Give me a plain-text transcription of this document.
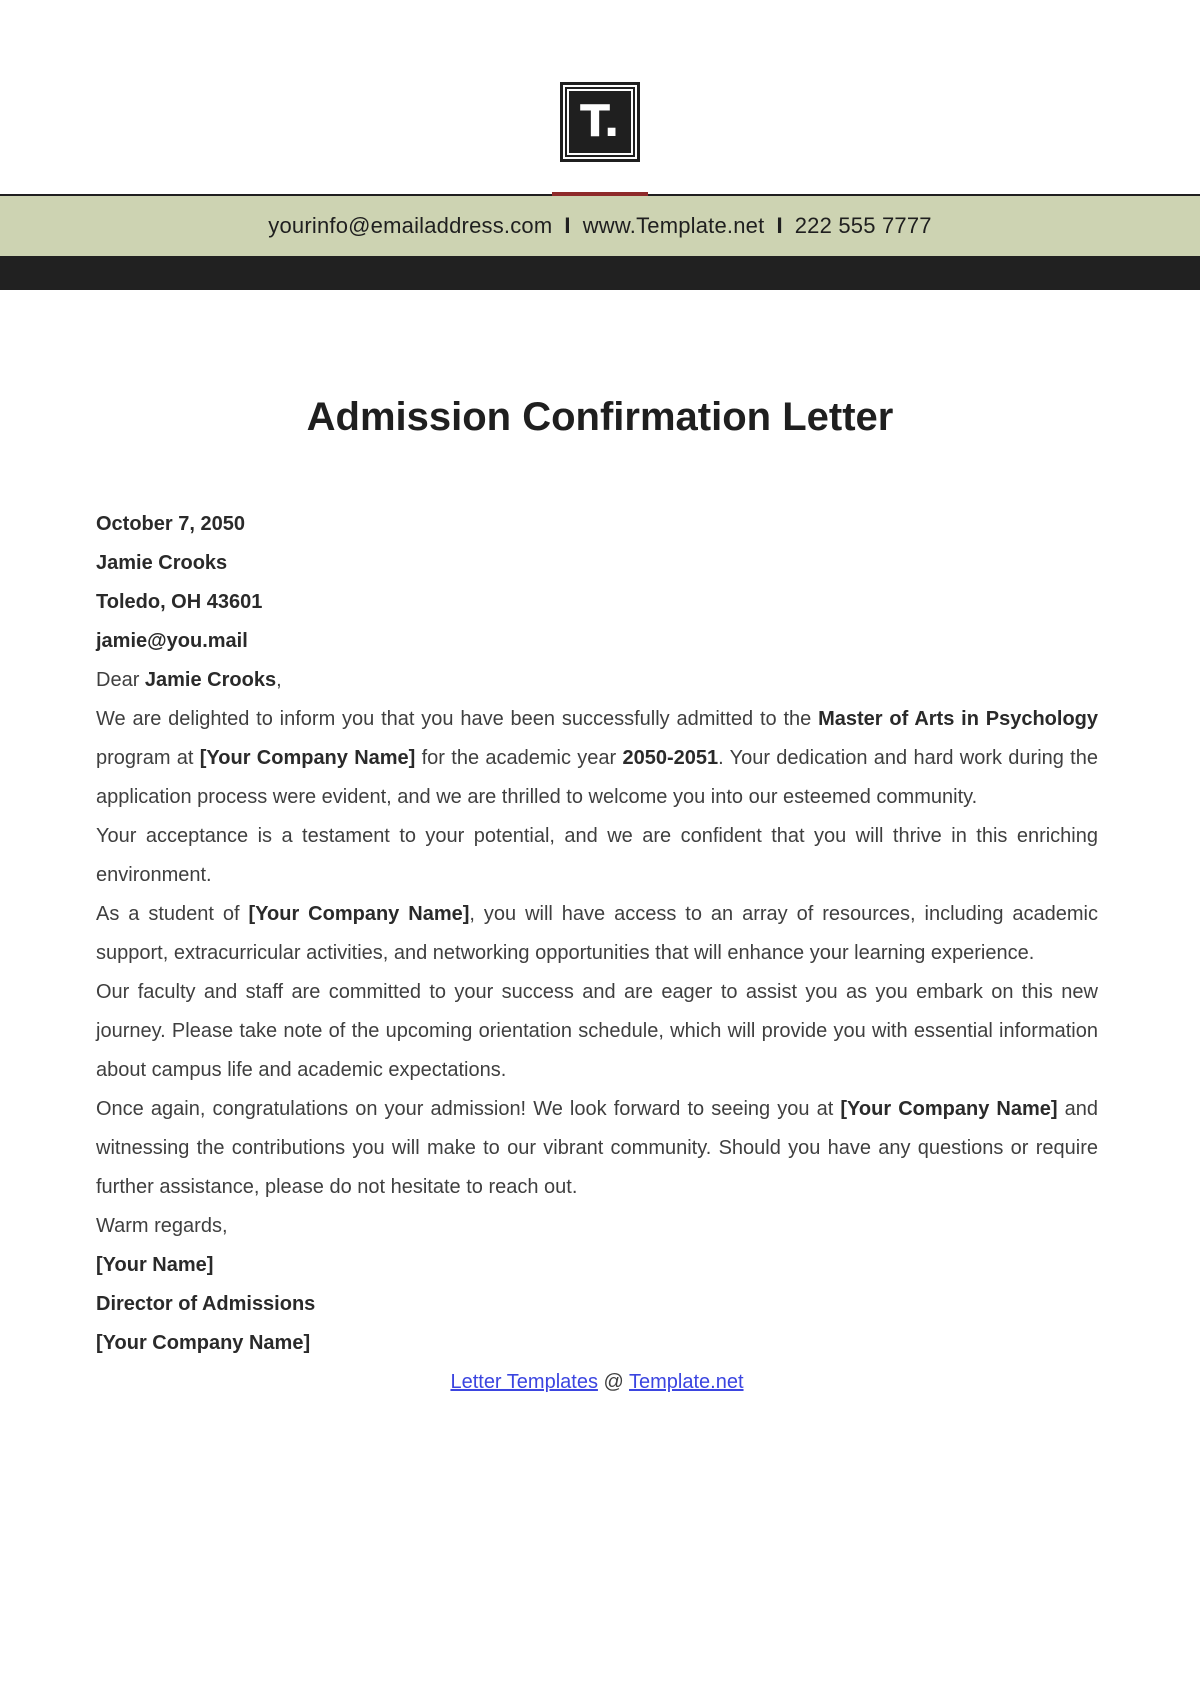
T.
yourinfo@emailaddress.com I www.Template.net I 222 555 7777
Admission Confirmation Letter

October 7, 2050

Jamie Crooks

Toledo, OH 43601

jamie@you.mail

Dear Jamie Crooks,

We are delighted to inform you that you have been successfully admitted to the Master of Arts in Psychology program at [Your Company Name] for the academic year 2050-2051. Your dedication and hard work during the application process were evident, and we are thrilled to welcome you into our esteemed community.

Your acceptance is a testament to your potential, and we are confident that you will thrive in this enriching environment.

As a student of [Your Company Name], you will have access to an array of resources, including academic support, extracurricular activities, and networking opportunities that will enhance your learning experience.

Our faculty and staff are committed to your success and are eager to assist you as you embark on this new journey. Please take note of the upcoming orientation schedule, which will provide you with essential information about campus life and academic expectations.

Once again, congratulations on your admission! We look forward to seeing you at [Your Company Name] and witnessing the contributions you will make to our vibrant community. Should you have any questions or require further assistance, please do not hesitate to reach out.

Warm regards,

[Your Name]

Director of Admissions

[Your Company Name]

Letter Templates @ Template.net
